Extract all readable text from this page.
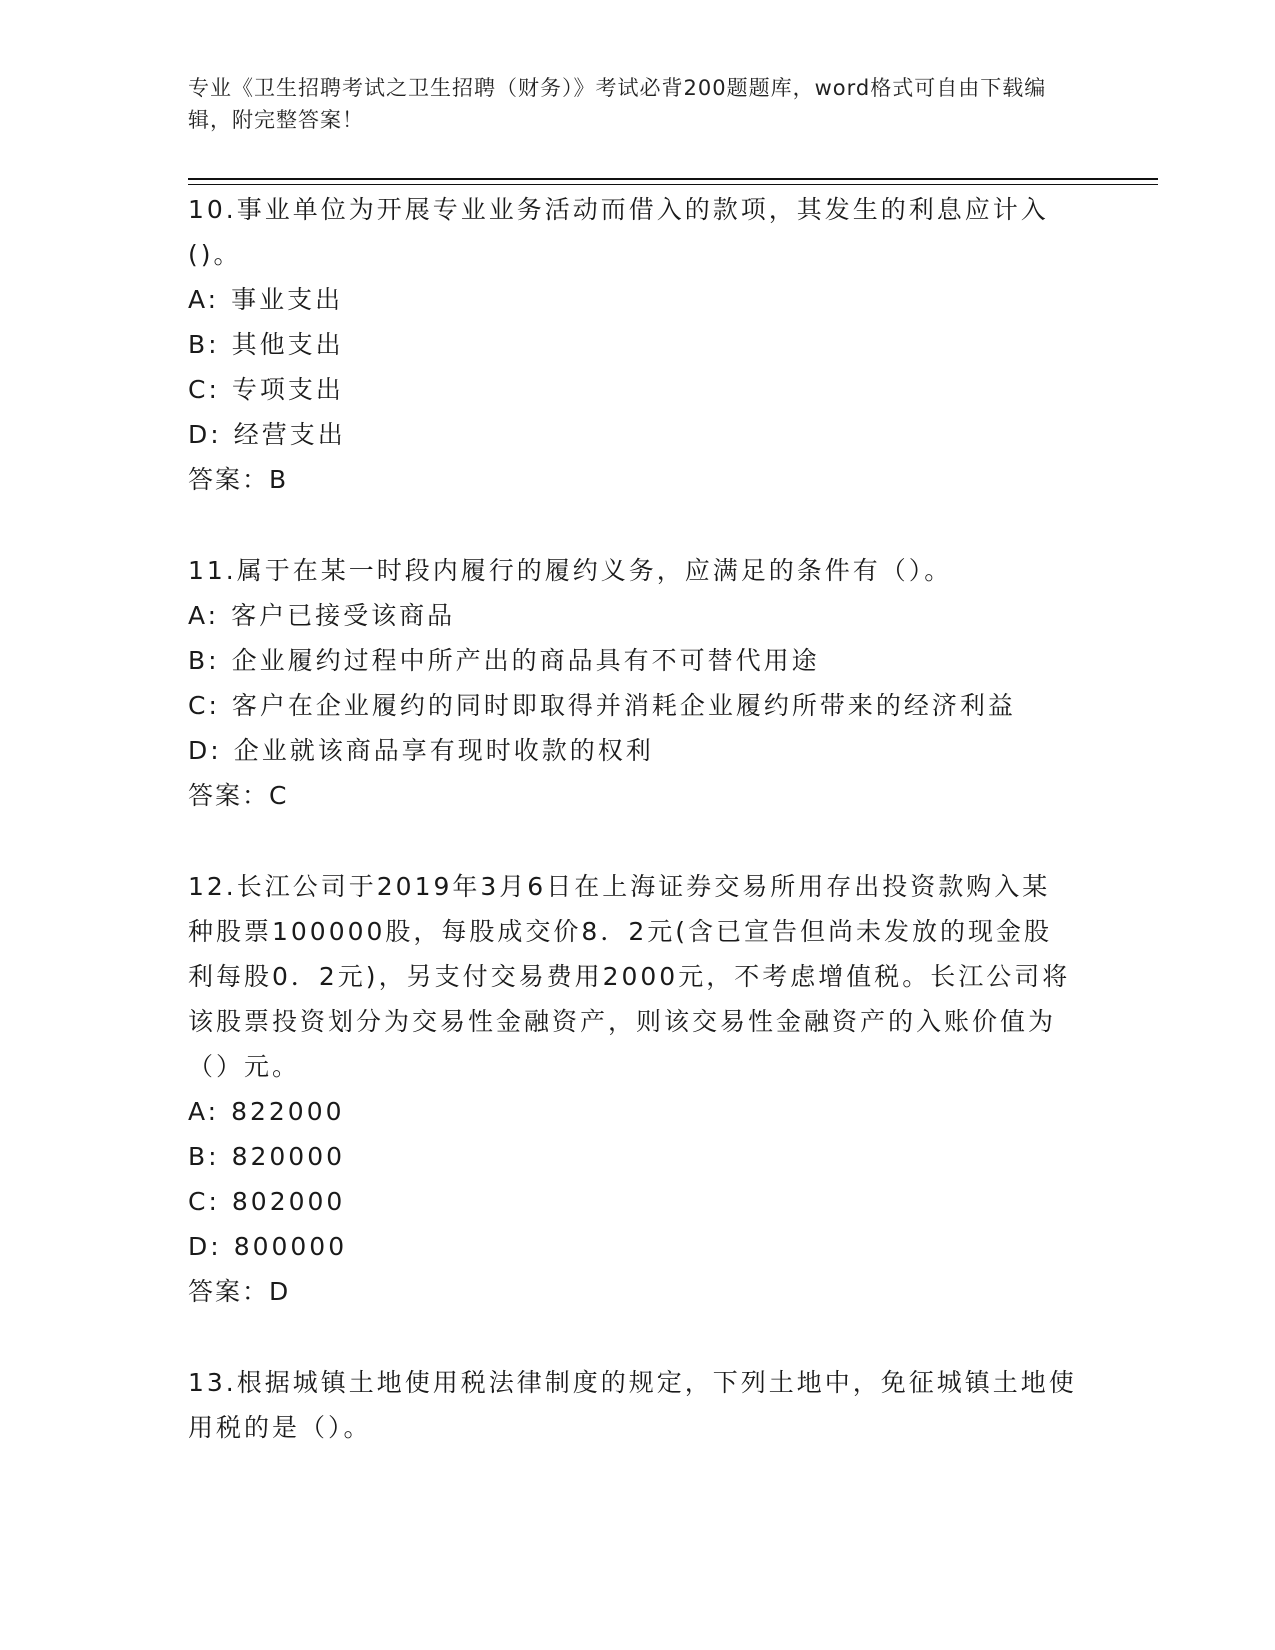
专业《卫生招聘考试之卫生招聘（财务）》考试必背200题题库，word格式可自由下载编辑，附完整答案！
10.事业单位为开展专业业务活动而借入的款项，其发生的利息应计入()。
A: 事业支出
B: 其他支出
C: 专项支出
D: 经营支出
答案：B
11.属于在某一时段内履行的履约义务，应满足的条件有（）。
A: 客户已接受该商品
B: 企业履约过程中所产出的商品具有不可替代用途
C: 客户在企业履约的同时即取得并消耗企业履约所带来的经济利益
D: 企业就该商品享有现时收款的权利
答案：C
12.长江公司于2019年3月6日在上海证券交易所用存出投资款购入某种股票100000股，每股成交价8．2元(含已宣告但尚未发放的现金股利每股0．2元)，另支付交易费用2000元，不考虑增值税。长江公司将该股票投资划分为交易性金融资产，则该交易性金融资产的入账价值为（）元。
A: 822000
B: 820000
C: 802000
D: 800000
答案：D
13.根据城镇土地使用税法律制度的规定，下列土地中，免征城镇土地使用税的是（）。
